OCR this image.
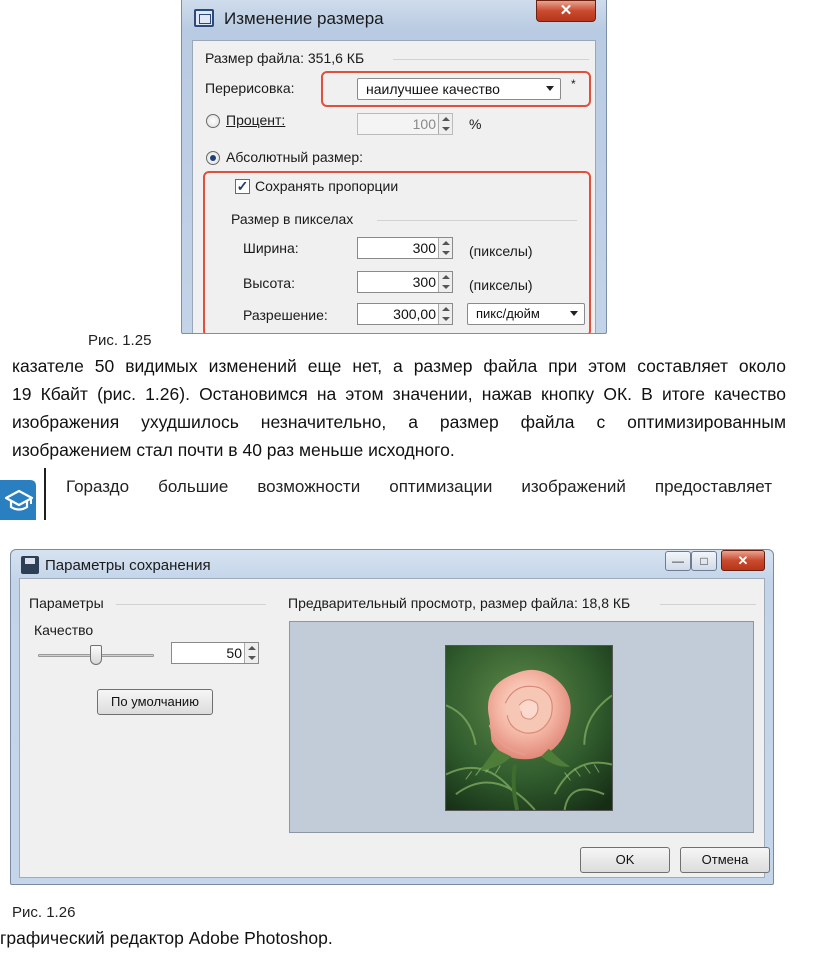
Изменение размера	✕
Размер файла: 351,6 КБ
Перерисовка:	наилучшее качество	*
Процент:	100 %
Абсолютный размер:
✓ Сохранять пропорции
Размер в пикселах
Ширина:	300 (пикселы)
Высота:	300 (пикселы)
Разрешение:	300,00	пикс/дюйм
Рис. 1.25
казателе 50 видимых изменений еще нет, а размер файла при этом составляет около
19 Кбайт (рис. 1.26). Остановимся на этом значении, нажав кнопку ОК. В итоге качество
изображения ухудшилось незначительно, а размер файла с оптимизированным
изображением стал почти в 40 раз меньше исходного.
Гораздо большие возможности оптимизации изображений предоставляет
Параметры сохранения	—	□	✕
Параметры
Качество
50
По умолчанию
Предварительный просмотр, размер файла: 18,8 КБ
OK	Отмена
Рис. 1.26
графический редактор Adobe Photoshop.
